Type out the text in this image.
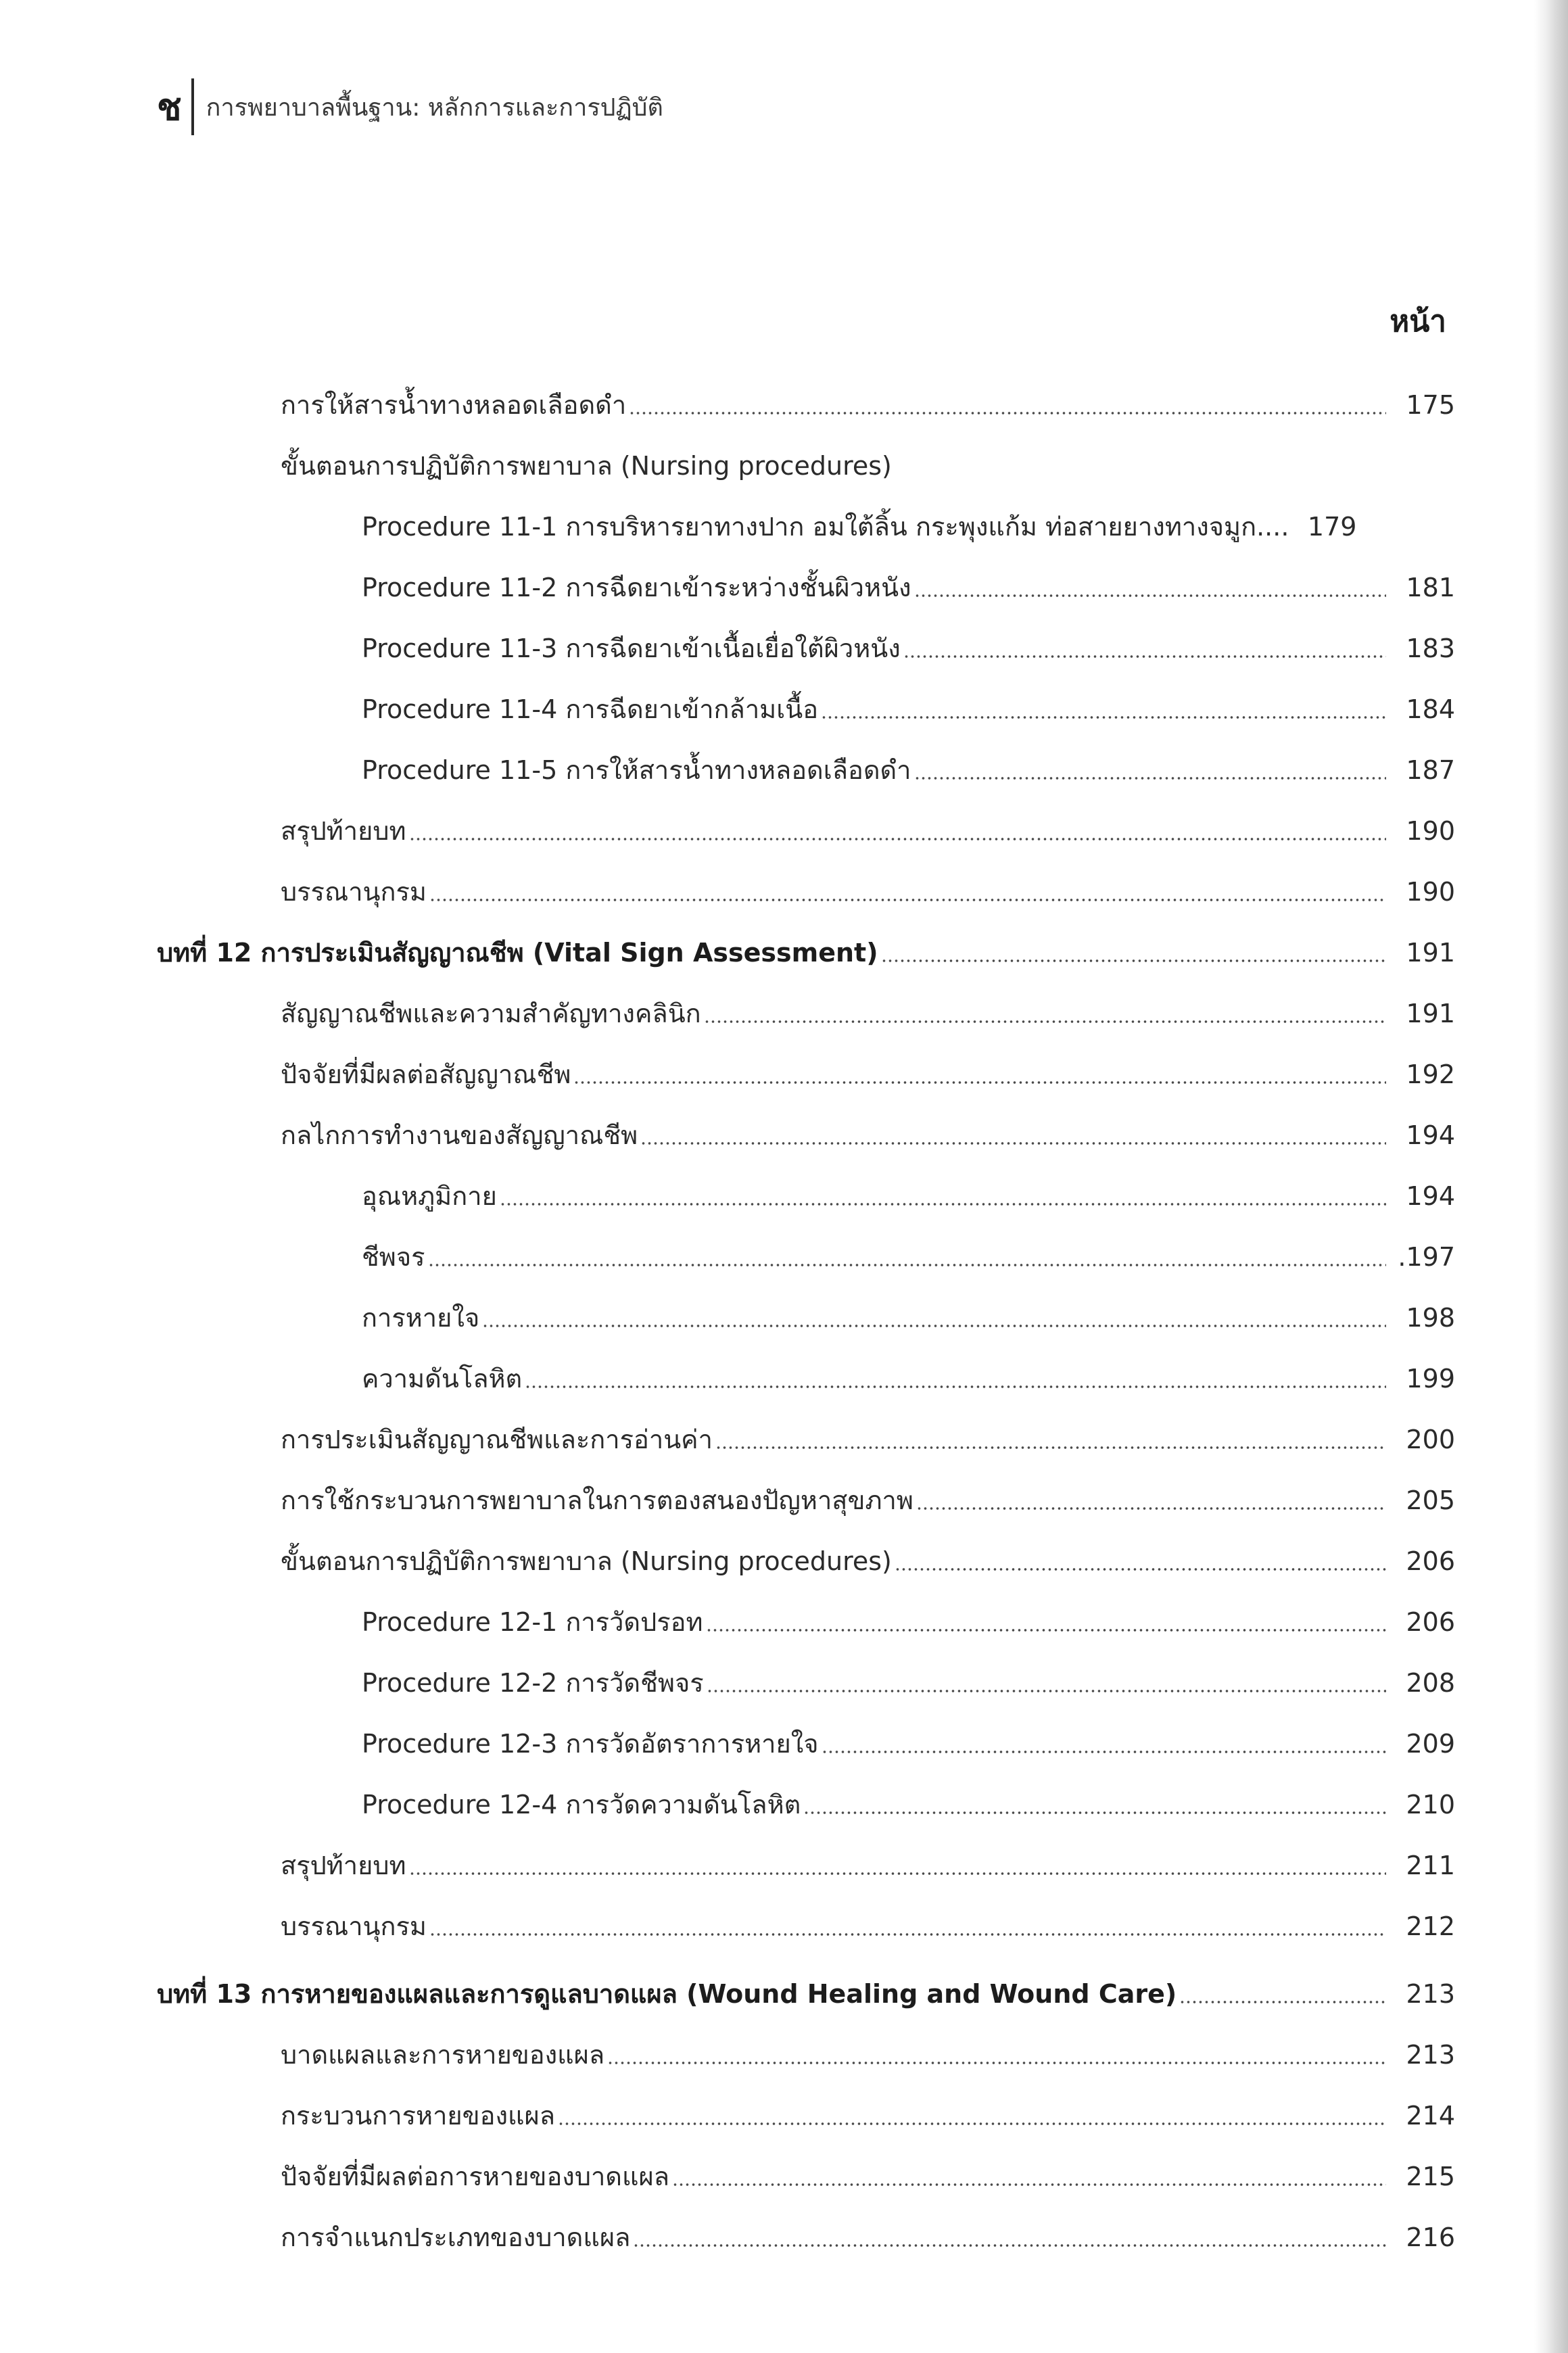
ช การพยาบาลพื้นฐาน: หลักการและการปฏิบัติ
หน้า
การให้สารน้ำทางหลอดเลือดดำ	175
ขั้นตอนการปฏิบัติการพยาบาล (Nursing procedures)
Procedure 11-1 การบริหารยาทางปาก อมใต้ลิ้น กระพุงแก้ม ท่อสายยางทางจมูก.... 179
Procedure 11-2 การฉีดยาเข้าระหว่างชั้นผิวหนัง	181
Procedure 11-3 การฉีดยาเข้าเนื้อเยื่อใต้ผิวหนัง	183
Procedure 11-4 การฉีดยาเข้ากล้ามเนื้อ	184
Procedure 11-5 การให้สารน้ำทางหลอดเลือดดำ	187
สรุปท้ายบท	190
บรรณานุกรม	190
บทที่ 12 การประเมินสัญญาณชีพ (Vital Sign Assessment)	191
สัญญาณชีพและความสำคัญทางคลินิก	191
ปัจจัยที่มีผลต่อสัญญาณชีพ	192
กลไกการทำงานของสัญญาณชีพ	194
อุณหภูมิกาย	194
ชีพจร	.197
การหายใจ	198
ความดันโลหิต	199
การประเมินสัญญาณชีพและการอ่านค่า	200
การใช้กระบวนการพยาบาลในการตองสนองปัญหาสุขภาพ	205
ขั้นตอนการปฏิบัติการพยาบาล (Nursing procedures)	206
Procedure 12-1 การวัดปรอท	206
Procedure 12-2 การวัดชีพจร	208
Procedure 12-3 การวัดอัตราการหายใจ	209
Procedure 12-4 การวัดความดันโลหิต	210
สรุปท้ายบท	211
บรรณานุกรม	212
บทที่ 13 การหายของแผลและการดูแลบาดแผล (Wound Healing and Wound Care)	213
บาดแผลและการหายของแผล	213
กระบวนการหายของแผล	214
ปัจจัยที่มีผลต่อการหายของบาดแผล	215
การจำแนกประเภทของบาดแผล	216
